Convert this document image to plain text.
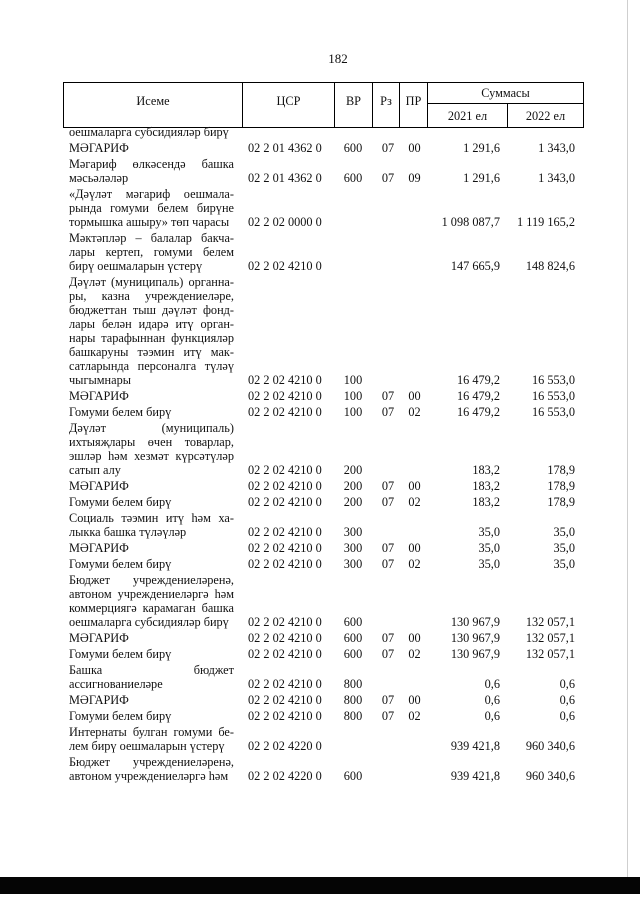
182
Исеме	ЦСР	ВР	Рз	ПР
Суммасы
2021 ел	2022 ел
оешмаларга субсидияләр бирү
МӘГАРИФ	02 2 01 4362 0	600	07	00	1 291,6	1 343,0
Мәгариф өлкәсендә башка
мәсьәләләр	02 2 01 4362 0	600	07	09	1 291,6	1 343,0
«Дәүләт мәгариф оешмала-
рында гомуми белем бирүне
тормышка ашыру» төп чарасы	02 2 02 0000 0	1 098 087,7	1 119 165,2
Мәктәпләр – балалар бакча-
лары кертеп, гомуми белем
бирү оешмаларын үстерү	02 2 02 4210 0	147 665,9	148 824,6
Дәүләт (муниципаль) органна-
ры, казна учреждениеләре,
бюджеттан тыш дәүләт фонд-
лары белән идарә итү орган-
нары тарафыннан функцияләр
башкаруны тәэмин итү мак-
сатларында персоналга түләү
чыгымнары	02 2 02 4210 0	100	16 479,2	16 553,0
МӘГАРИФ	02 2 02 4210 0	100	07	00	16 479,2	16 553,0
Гомуми белем бирү	02 2 02 4210 0	100	07	02	16 479,2	16 553,0
Дәүләт (муниципаль)
ихтыяҗлары өчен товарлар,
эшләр һәм хезмәт күрсәтүләр
сатып алу	02 2 02 4210 0	200	183,2	178,9
МӘГАРИФ	02 2 02 4210 0	200	07	00	183,2	178,9
Гомуми белем бирү	02 2 02 4210 0	200	07	02	183,2	178,9
Социаль тәэмин итү һәм ха-
лыкка башка түләүләр	02 2 02 4210 0	300	35,0	35,0
МӘГАРИФ	02 2 02 4210 0	300	07	00	35,0	35,0
Гомуми белем бирү	02 2 02 4210 0	300	07	02	35,0	35,0
Бюджет учреждениеләренә,
автоном учреждениеләргә һәм
коммерциягә карамаган башка
оешмаларга субсидияләр бирү	02 2 02 4210 0	600	130 967,9	132 057,1
МӘГАРИФ	02 2 02 4210 0	600	07	00	130 967,9	132 057,1
Гомуми белем бирү	02 2 02 4210 0	600	07	02	130 967,9	132 057,1
Башка бюджет
ассигнованиеләре	02 2 02 4210 0	800	0,6	0,6
МӘГАРИФ	02 2 02 4210 0	800	07	00	0,6	0,6
Гомуми белем бирү	02 2 02 4210 0	800	07	02	0,6	0,6
Интернаты булган гомуми бе-
лем бирү оешмаларын үстерү	02 2 02 4220 0	939 421,8	960 340,6
Бюджет учреждениеләренә,
автоном учреждениеләргә һәм	02 2 02 4220 0	600	939 421,8	960 340,6
